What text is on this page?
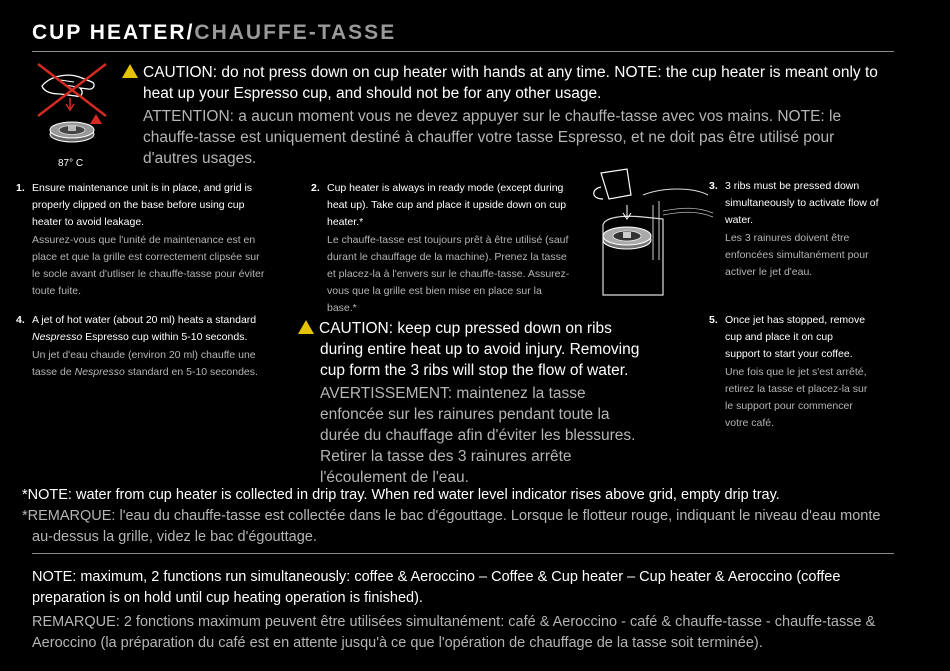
CUP HEATER/CHAUFFE-TASSE
87° C
!CAUTION: do not press down on cup heater with hands at any time. NOTE: the cup heater is meant only to heat up your Espresso cup, and should not be for any other usage.
ATTENTION: a aucun moment vous ne devez appuyer sur le chauffe-tasse avec vos mains. NOTE: le chauffe-tasse est uniquement destiné à chauffer votre tasse Espresso, et ne doit pas être utilisé pour d'autres usages.
1. Ensure maintenance unit is in place, and grid is properly clipped on the base before using cup heater to avoid leakage.
Assurez-vous que l'unité de maintenance est en place et que la grille est correctement clipsée sur le socle avant d'utliser le chauffe-tasse pour éviter toute fuite.
2. Cup heater is always in ready mode (except during heat up). Take cup and place it upside down on cup heater.*
Le chauffe-tasse est toujours prêt à être utilisé (sauf durant le chauffage de la machine). Prenez la tasse et placez-la à l'envers sur le chauffe-tasse. Assurez-vous que la grille est bien mise en place sur la base.*
3. 3 ribs must be pressed down simultaneously to activate flow of water.
Les 3 rainures doivent être enfoncées simultanément pour activer le jet d'eau.
4. A jet of hot water (about 20 ml) heats a standard Nespresso Espresso cup within 5-10 seconds.
Un jet d'eau chaude (environ 20 ml) chauffe une tasse de Nespresso standard en 5-10 secondes.
!CAUTION: keep cup pressed down on ribs during entire heat up to avoid injury. Removing cup form the 3 ribs will stop the flow of water.
AVERTISSEMENT: maintenez la tasse enfoncée sur les rainures pendant toute la durée du chauffage afin d'éviter les blessures. Retirer la tasse des 3 rainures arrête l'écoulement de l'eau.
5. Once jet has stopped, remove cup and place it on cup support to start your coffee.
Une fois que le jet s'est arrêté, retirez la tasse et placez-la sur le support pour commencer votre café.
*NOTE: water from cup heater is collected in drip tray. When red water level indicator rises above grid, empty drip tray.
*REMARQUE: l'eau du chauffe-tasse est collectée dans le bac d'égouttage. Lorsque le flotteur rouge, indiquant le niveau d'eau monte au-dessus la grille, videz le bac d'égouttage.
NOTE: maximum, 2 functions run simultaneously: coffee & Aeroccino – Coffee & Cup heater – Cup heater & Aeroccino (coffee preparation is on hold until cup heating operation is finished).
REMARQUE: 2 fonctions maximum peuvent être utilisées simultanément: café & Aeroccino - café & chauffe-tasse - chauffe-tasse & Aeroccino (la préparation du café est en attente jusqu'à ce que l'opération de chauffage de la tasse soit terminée).
